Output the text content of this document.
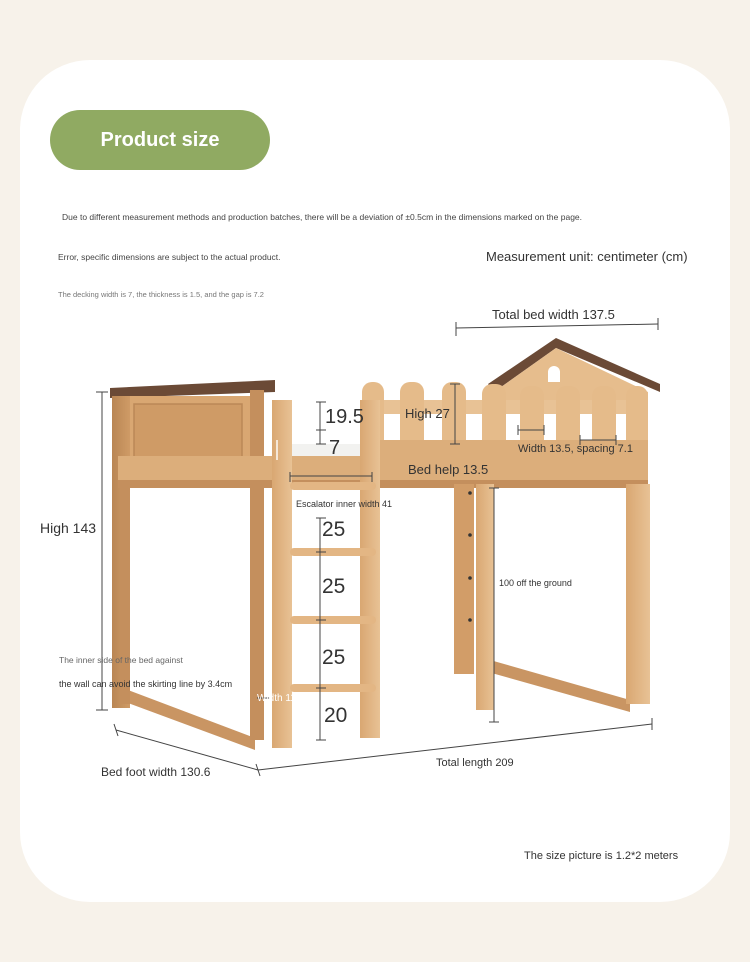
Product size
Due to different measurement methods and production batches, there will be a deviation of ±0.5cm in the dimensions marked on the page.
Error, specific dimensions are subject to the actual product.
The decking width is 7, the thickness is 1.5, and the gap is 7.2
Measurement unit: centimeter (cm)
Total bed width 137.5
High 143
19.5
7
High 27
Width 13.5, spacing 7.1
Bed help 13.5
Escalator inner width 41
25
25
25
20
100 off the ground
The inner side of the bed against
the wall can avoid the skirting line by 3.4cm
Width 11
Bed foot width 130.6
Total length 209
The size picture is 1.2*2 meters
